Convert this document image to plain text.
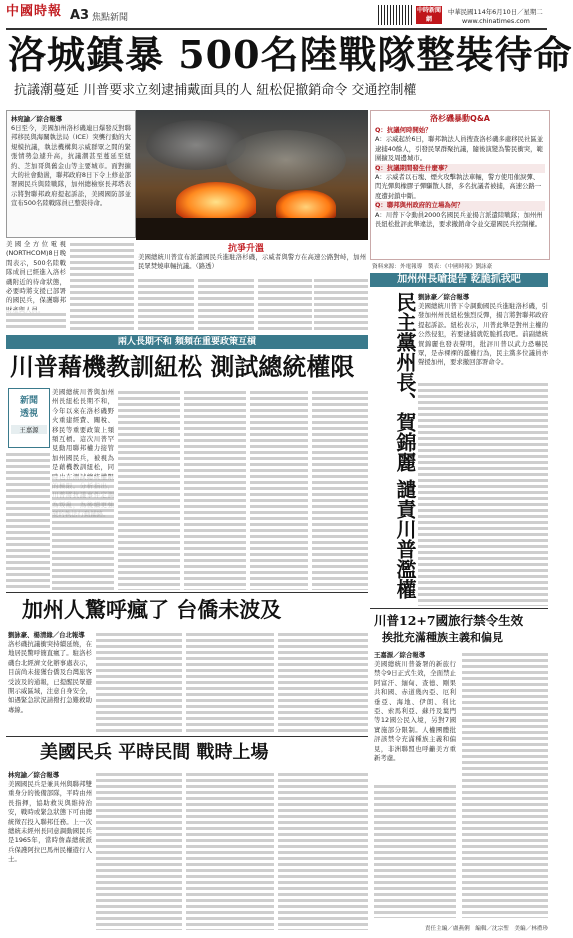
中國時報 A3 焦點新聞
中時新聞網
中華民國114年6月10日／星期二
www.chinatimes.com
洛城鎮暴 500名陸戰隊整裝待命
抗議潮蔓延 川普要求立刻逮捕戴面具的人 紐松促撤銷命令 交通控制權
林宛諭／綜合報導
6日至今，美國加州洛杉磯連日爆發反對聯邦移民與海關執法局（ICE）突襲行動的大規模抗議，執法機構與示威群眾之間的緊張情勢急遽升高，抗議潮甚至蔓延至紐約、芝加哥與舊金山等主要城市。面對擴大的社會動盪，聯邦政府8日下令上修並部署國民兵與陸戰隊，加州總檢察長邦塔表示將對聯邦政府提起訴訟，美國國防部並宣布500名陸戰隊員已整裝待命。
洛杉磯暴動Q&A
Q：抗議何時開始？
A：示威起於6日，聯邦執法人員搜查洛杉磯多處移民社區並逮捕40餘人，引發民眾群聚抗議，隨後演變為警民衝突，範圍擴及周邊城市。
Q：抗議期間發生什麼事？
A：示威者以石塊、煙火攻擊執法車輛，警方使用催淚彈、閃光彈與橡膠子彈驅散人群，多名抗議者被捕，高速公路一度遭封鎖中斷。
Q：聯邦與州政府的立場為何？
A：川普下令動員2000名國民兵並揚言派遣陸戰隊；加州州長紐松批評此舉違法，要求撤銷命令並交還國民兵控制權。
資料來源：外電報導　製表：《中國時報》劉詠豪
抗爭升溫
美國總統川普宣布派遣國民兵進駐洛杉磯，示威者與警方在高速公路對峙，加州民眾焚燒車輛抗議。（路透）
美國全方位電視(NORTHCOM)8日晚間表示，500名陸戰隊成員已經進入洛杉磯附近的待命狀態，必要時將支援已部署的國民兵，保護聯邦
加州州長嗆提告 乾脆抓我吧
劉詠豪／綜合報導
民主黨州長、賀錦麗 譴責川普濫權 美國總統川普下令調動國民兵進駐洛杉磯，引發加州州長紐松強烈反彈，揚言將對聯邦政府提起訴訟。紐松表示，川普此舉是對州主權的公然侵犯，若要逮捕就乾脆抓我吧。前副總統賀錦麗也發表聲明，批評川普以武力恐嚇民眾，是赤裸裸的濫權行為，民主黨多位議員亦聲援加州，要求撤回部署命令。
兩人長期不和 頻頻在重要政策互槓
川普藉機教訓紐松 測試總統權限
新聞
透視
王嘉源
美國總統川普與加州州長紐松長期不和，今年以來在洛杉磯野火重建經費、關稅、移民等重要政策上頻頻互槓。這次川普罕見動用聯邦權力接管加州國民兵，被視為是藉機教訓紐松，同
加州人驚呼瘋了 台僑未波及
劉詠豪、楊清緣／台北報導
洛杉磯抗議衝突持續延燒，在地居民驚呼簡直瘋了。駐洛杉磯台北經濟文化辦事處表示，目前尚未接獲台僑及台灣旅客受波及的通報，已提醒民眾避開示威區域，注意自身安全，如遇緊急狀況請撥打急難救助專線。
美國民兵 平時民間 戰時上場
林宛諭／綜合報導
美國國民兵是兼具州與聯邦雙重身分的後備部隊，平時由州長指揮，協助救災與維持治安，戰時或緊急狀態下可由總統徵召投入聯邦任務。上一次總統未經州長同意調動國民兵是1965年，當時詹森總統派兵保護阿拉巴馬州民權遊行人士。
川普12+7國旅行禁令生效
挨批充滿種族主義和偏見
王嘉源／綜合報導
美國總統川普簽署的新旅行禁令9日正式生效，全面禁止阿富汗、緬甸、查德、剛果共和國、赤道幾內亞、厄利垂亞、海地、伊朗、利比亞、索馬利亞、蘇丹及葉門等12國公民入境，另對7國實施部分限制。人權團體批評該禁令充滿種族主義和偏見，非洲聯盟也呼籲美方重新考慮。
責任主編／盧燕俐　編輯／沈宗聖　美編／林禮珍
